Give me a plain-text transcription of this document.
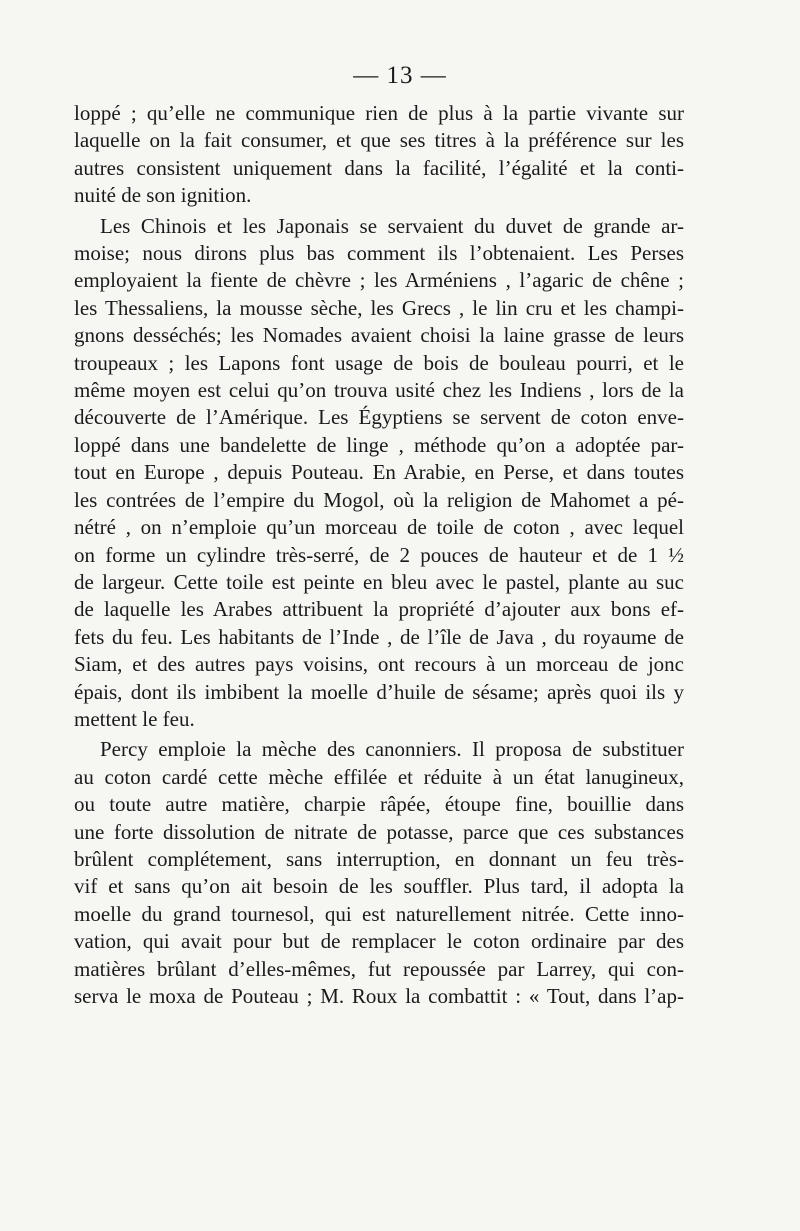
— 13 —
loppé ; qu’elle ne communique rien de plus à la partie vivante sur
laquelle on la fait consumer, et que ses titres à la préférence sur les
autres consistent uniquement dans la facilité, l’égalité et la conti-
nuité de son ignition.
Les Chinois et les Japonais se servaient du duvet de grande ar-
moise; nous dirons plus bas comment ils l’obtenaient. Les Perses
employaient la fiente de chèvre ; les Arméniens , l’agaric de chêne ;
les Thessaliens, la mousse sèche, les Grecs , le lin cru et les champi-
gnons desséchés; les Nomades avaient choisi la laine grasse de leurs
troupeaux ; les Lapons font usage de bois de bouleau pourri, et le
même moyen est celui qu’on trouva usité chez les Indiens , lors de la
découverte de l’Amérique. Les Égyptiens se servent de coton enve-
loppé dans une bandelette de linge , méthode qu’on a adoptée par-
tout en Europe , depuis Pouteau. En Arabie, en Perse, et dans toutes
les contrées de l’empire du Mogol, où la religion de Mahomet a pé-
nétré , on n’emploie qu’un morceau de toile de coton , avec lequel
on forme un cylindre très-serré, de 2 pouces de hauteur et de 1 ½
de largeur. Cette toile est peinte en bleu avec le pastel, plante au suc
de laquelle les Arabes attribuent la propriété d’ajouter aux bons ef-
fets du feu. Les habitants de l’Inde , de l’île de Java , du royaume de
Siam, et des autres pays voisins, ont recours à un morceau de jonc
épais, dont ils imbibent la moelle d’huile de sésame; après quoi ils y
mettent le feu.
Percy emploie la mèche des canonniers. Il proposa de substituer
au coton cardé cette mèche effilée et réduite à un état lanugineux,
ou toute autre matière, charpie râpée, étoupe fine, bouillie dans
une forte dissolution de nitrate de potasse, parce que ces substances
brûlent complétement, sans interruption, en donnant un feu très-
vif et sans qu’on ait besoin de les souffler. Plus tard, il adopta la
moelle du grand tournesol, qui est naturellement nitrée. Cette inno-
vation, qui avait pour but de remplacer le coton ordinaire par des
matières brûlant d’elles-mêmes, fut repoussée par Larrey, qui con-
serva le moxa de Pouteau ; M. Roux la combattit : « Tout, dans l’ap-
